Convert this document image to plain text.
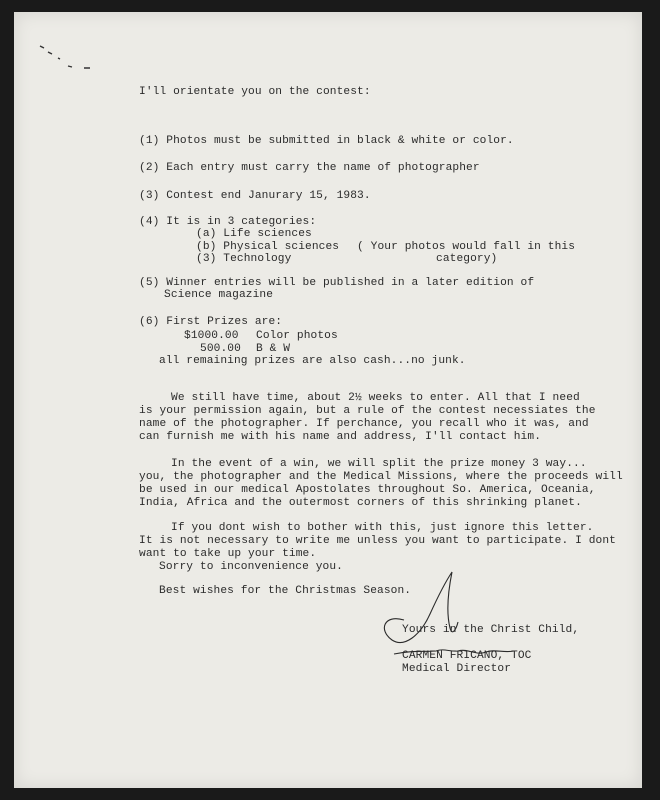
I'll orientate you on the contest:
(1) Photos must be submitted in black & white or color.
(2) Each entry must carry the name of photographer
(3) Contest end Janurary 15, 1983.
(4) It is in 3 categories:
(a) Life sciences
(b) Physical sciences ( Your photos would fall in this
(3) Technology	category)
(5) Winner entries will be published in a later edition of
Science magazine
(6) First Prizes are:
$1000.00 Color photos
500.00 B & W
all remaining prizes are also cash...no junk.
We still have time, about 2½ weeks to enter. All that I need
is your permission again, but a rule of the contest necessiates the
name of the photographer. If perchance, you recall who it was, and
can furnish me with his name and address, I'll contact him.
In the event of a win, we will split the prize money 3 way...
you, the photographer and the Medical Missions, where the proceeds will
be used in our medical Apostolates throughout So. America, Oceania,
India, Africa and the outermost corners of this shrinking planet.
If you dont wish to bother with this, just ignore this letter.
It is not necessary to write me unless you want to participate. I dont
want to take up your time.
Sorry to inconvenience you.
Best wishes for the Christmas Season.
Yours in the Christ Child,
CARMEN FRICANO, TOC
Medical Director
